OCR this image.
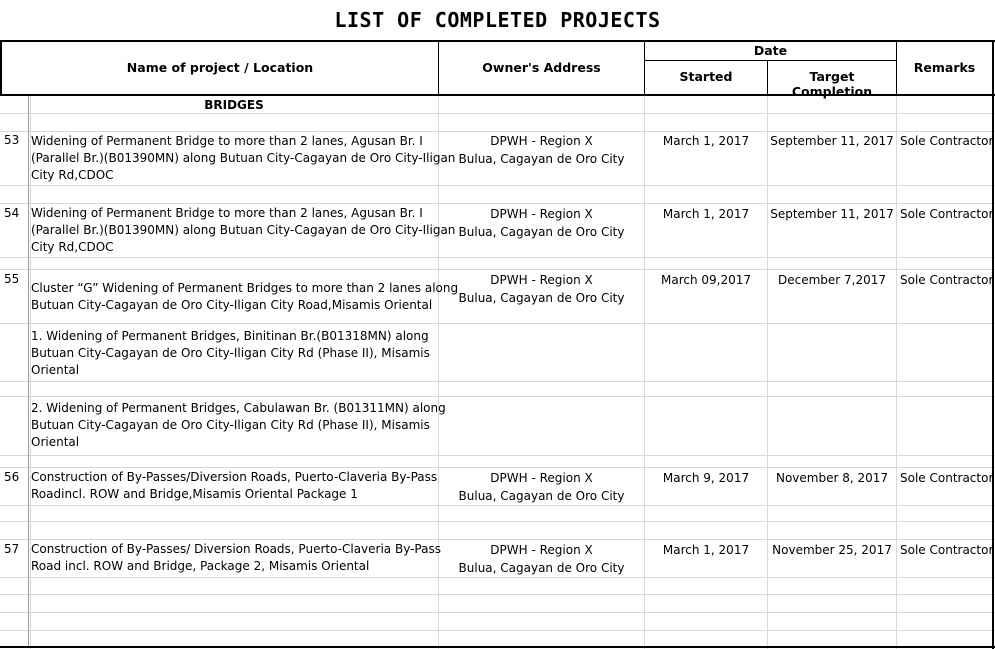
LIST OF COMPLETED PROJECTS
Name of project / Location	Owner's Address
Date
Started	Target Completion
Remarks
BRIDGES
53 Widening of Permanent Bridge to more than 2 lanes, Agusan Br. I
(Parallel Br.)(B01390MN) along Butuan City-Cagayan de Oro City-Iligan
City Rd,CDOC
DPWH - Region X
Bulua, Cagayan de Oro City
March 1, 2017	September 11, 2017 Sole Contractor
54 Widening of Permanent Bridge to more than 2 lanes, Agusan Br. I
(Parallel Br.)(B01390MN) along Butuan City-Cagayan de Oro City-Iligan
City Rd,CDOC
DPWH - Region X
Bulua, Cagayan de Oro City
March 1, 2017	September 11, 2017 Sole Contractor
55
Cluster “G” Widening of Permanent Bridges to more than 2 lanes along
Butuan City-Cagayan de Oro City-Iligan City Road,Misamis Oriental
1. Widening of Permanent Bridges, Binitinan Br.(B01318MN) along
Butuan City-Cagayan de Oro City-Iligan City Rd (Phase II), Misamis
Oriental
2. Widening of Permanent Bridges, Cabulawan Br. (B01311MN) along
Butuan City-Cagayan de Oro City-Iligan City Rd (Phase II), Misamis
Oriental
DPWH - Region X
Bulua, Cagayan de Oro City
March 09,2017	December 7,2017	Sole Contractor
56 Construction of By-Passes/Diversion Roads, Puerto-Claveria By-Pass
Roadincl. ROW and Bridge,Misamis Oriental Package 1
DPWH - Region X
Bulua, Cagayan de Oro City
March 9, 2017	November 8, 2017 Sole Contractor
57 Construction of By-Passes/ Diversion Roads, Puerto-Claveria By-Pass
Road incl. ROW and Bridge, Package 2, Misamis Oriental
DPWH - Region X
Bulua, Cagayan de Oro City
March 1, 2017	November 25, 2017 Sole Contractor
